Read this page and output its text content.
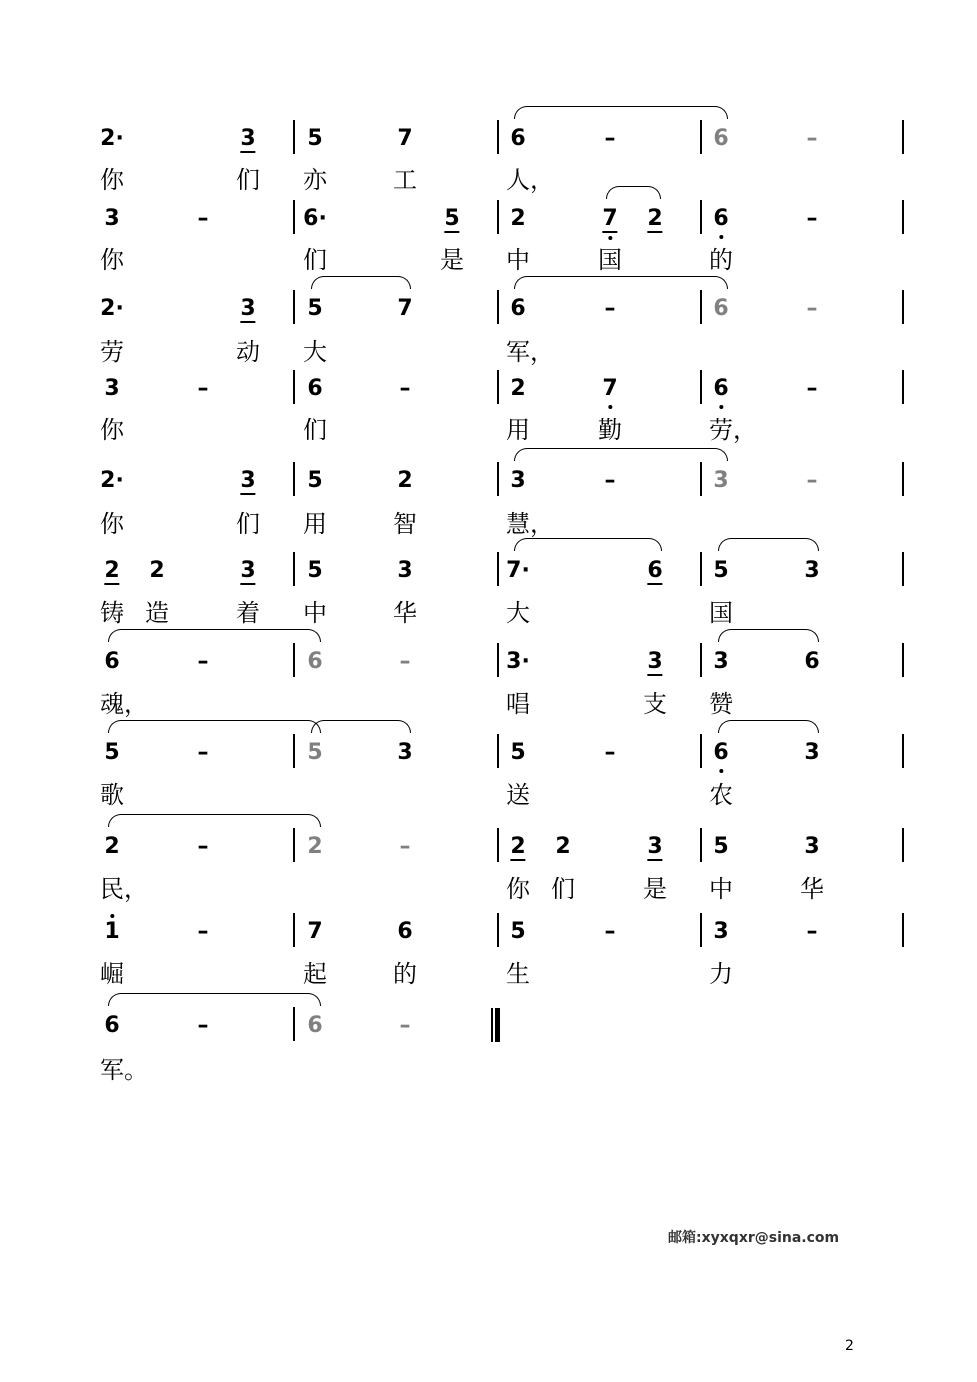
2·	3 5	7	6	–	6	–
你	们 亦	工	人，
3	–	6·	5 2	7 2 6	–
你	们	是 中	国	的
2·	3 5	7	6	–	6	–
劳	动 大	军，
3	–	6	–	2	7	6	–
你	们	用	勤	劳，
2·	3 5	2	3	–	3	–
你	们 用	智	慧，
2 2	3 5	3	7·	6 5	3
铸 造	着 中	华	大	国
6	–	6	–	3·	3 3	6
魂，	唱	支 赞
5	–	5	3	5	–	6	3
歌	送	农
2	–	2	–	2 2	3 5	3
民，	你 们	是 中	华
1	–	7	6	5	–	3	–
崛	起	的	生	力
6	–	6	–
军。
邮箱:xyxqxr@sina.com
2
